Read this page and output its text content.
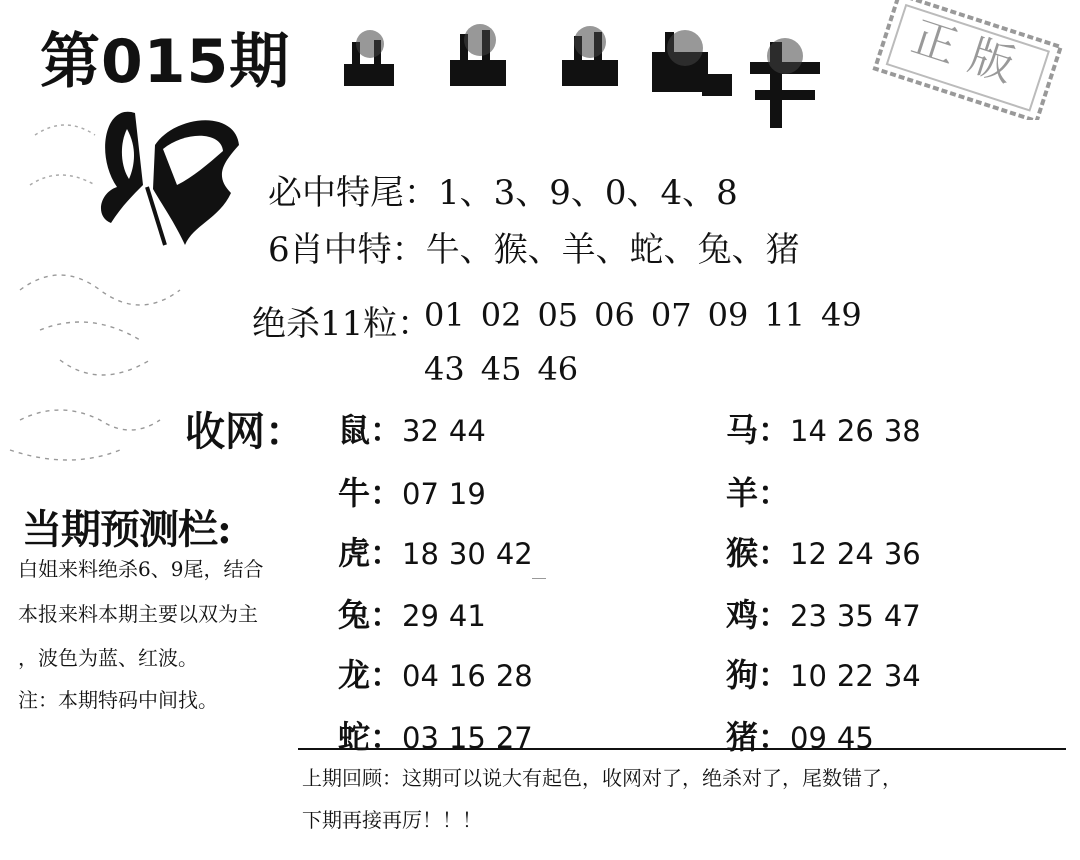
第015期	正版
必中特尾：1、3、9、0、4、8
6肖中特：牛、猴、羊、蛇、兔、猪
绝杀11粒：
01 02 05 06 07 09 11 49
43 45 46
收网： 鼠：32 44
牛：07 19
虎：18 30 42
兔：29 41
龙：04 16 28
蛇：03 15 27
马：14 26 38
羊：
猴：12 24 36
鸡：23 35 47
狗：10 22 34
猪：09 45
当期预测栏:
白姐来料绝杀6、9尾，结合
本报来料本期主要以双为主
，波色为蓝、红波。
注：本期特码中间找。
上期回顾：这期可以说大有起色，收网对了，绝杀对了，尾数错了，
下期再接再厉！！！
